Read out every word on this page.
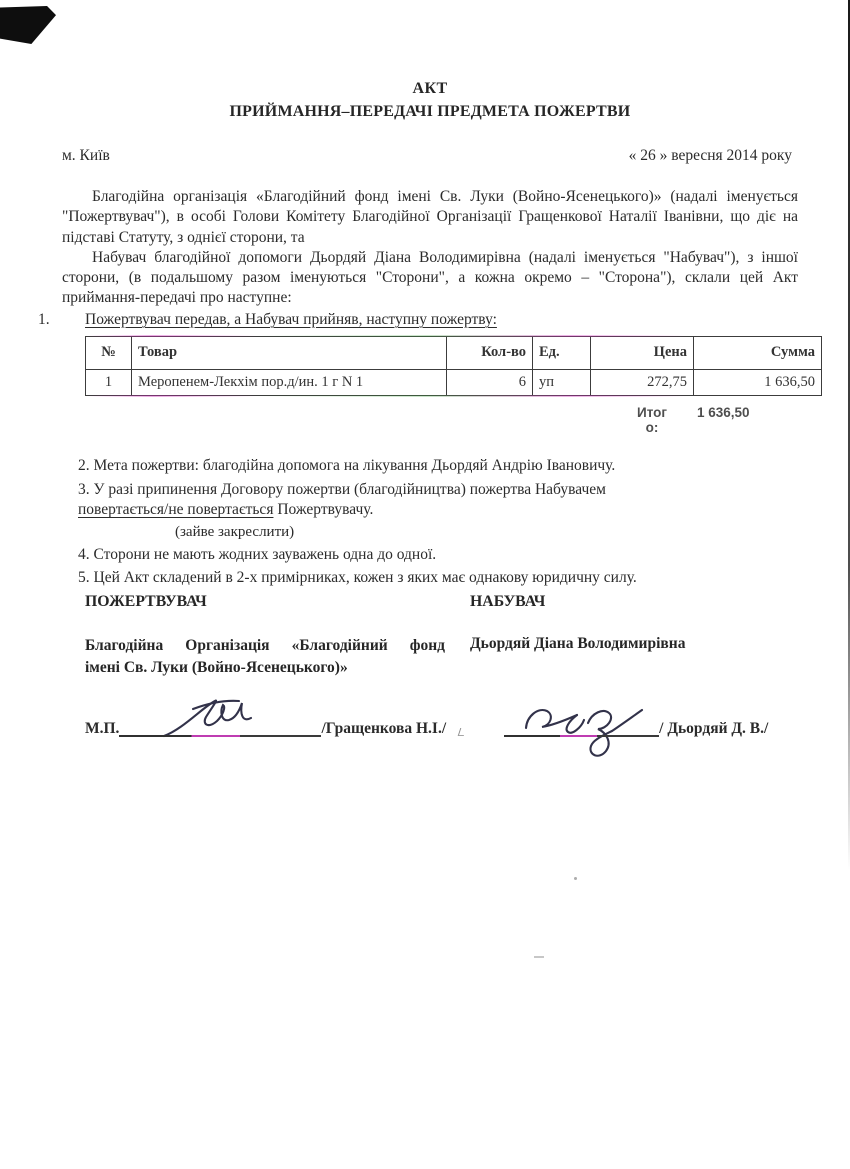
АКТ
ПРИЙМАННЯ–ПЕРЕДАЧІ ПРЕДМЕТА ПОЖЕРТВИ
м. Київ	« 26 » вересня 2014 року

Благодійна організація «Благодійний фонд імені Св. Луки (Войно-Ясенецького)» (надалі іменується "Пожертвувач"), в особі Голови Комітету Благодійної Організації Гращенкової Наталії Іванівни, що діє на підставі Статуту, з однієї сторони, та

Набувач благодійної допомоги Дьордяй Діана Володимирівна (надалі іменується "Набувач"), з іншої сторони, (в подальшому разом іменуються "Сторони", а кожна окремо – "Сторона"), склали цей Акт приймання-передачі про наступне:

1. Пожертвувач передав, а Набувач прийняв, наступну пожертву:
№	Товар	Кол-во	Ед.	Цена	Сумма
1	Меропенем-Лекхім пор.д/ин. 1 г N 1	6	уп	272,75	1 636,50
Итого:
1 636,50

2. Мета пожертви: благодійна допомога на лікування Дьордяй Андрію Івановичу.

3. У разі припинення Договору пожертви (благодійництва) пожертва Набувачем
повертається/не повертається Пожертвувачу.

(зайве закреслити)

4. Сторони не мають жодних зауважень одна до одної.

5. Цей Акт складений в 2-х примірниках, кожен з яких має однакову юридичну силу.

ПОЖЕРТВУВАЧ	НАБУВАЧ
Благодійна Організація «Благодійний фонд
імені Св. Луки (Войно-Ясенецького)»
Дьордяй Діана Володимирівна
М.П.	/Гращенкова Н.І./	/ Дьордяй Д. В./
